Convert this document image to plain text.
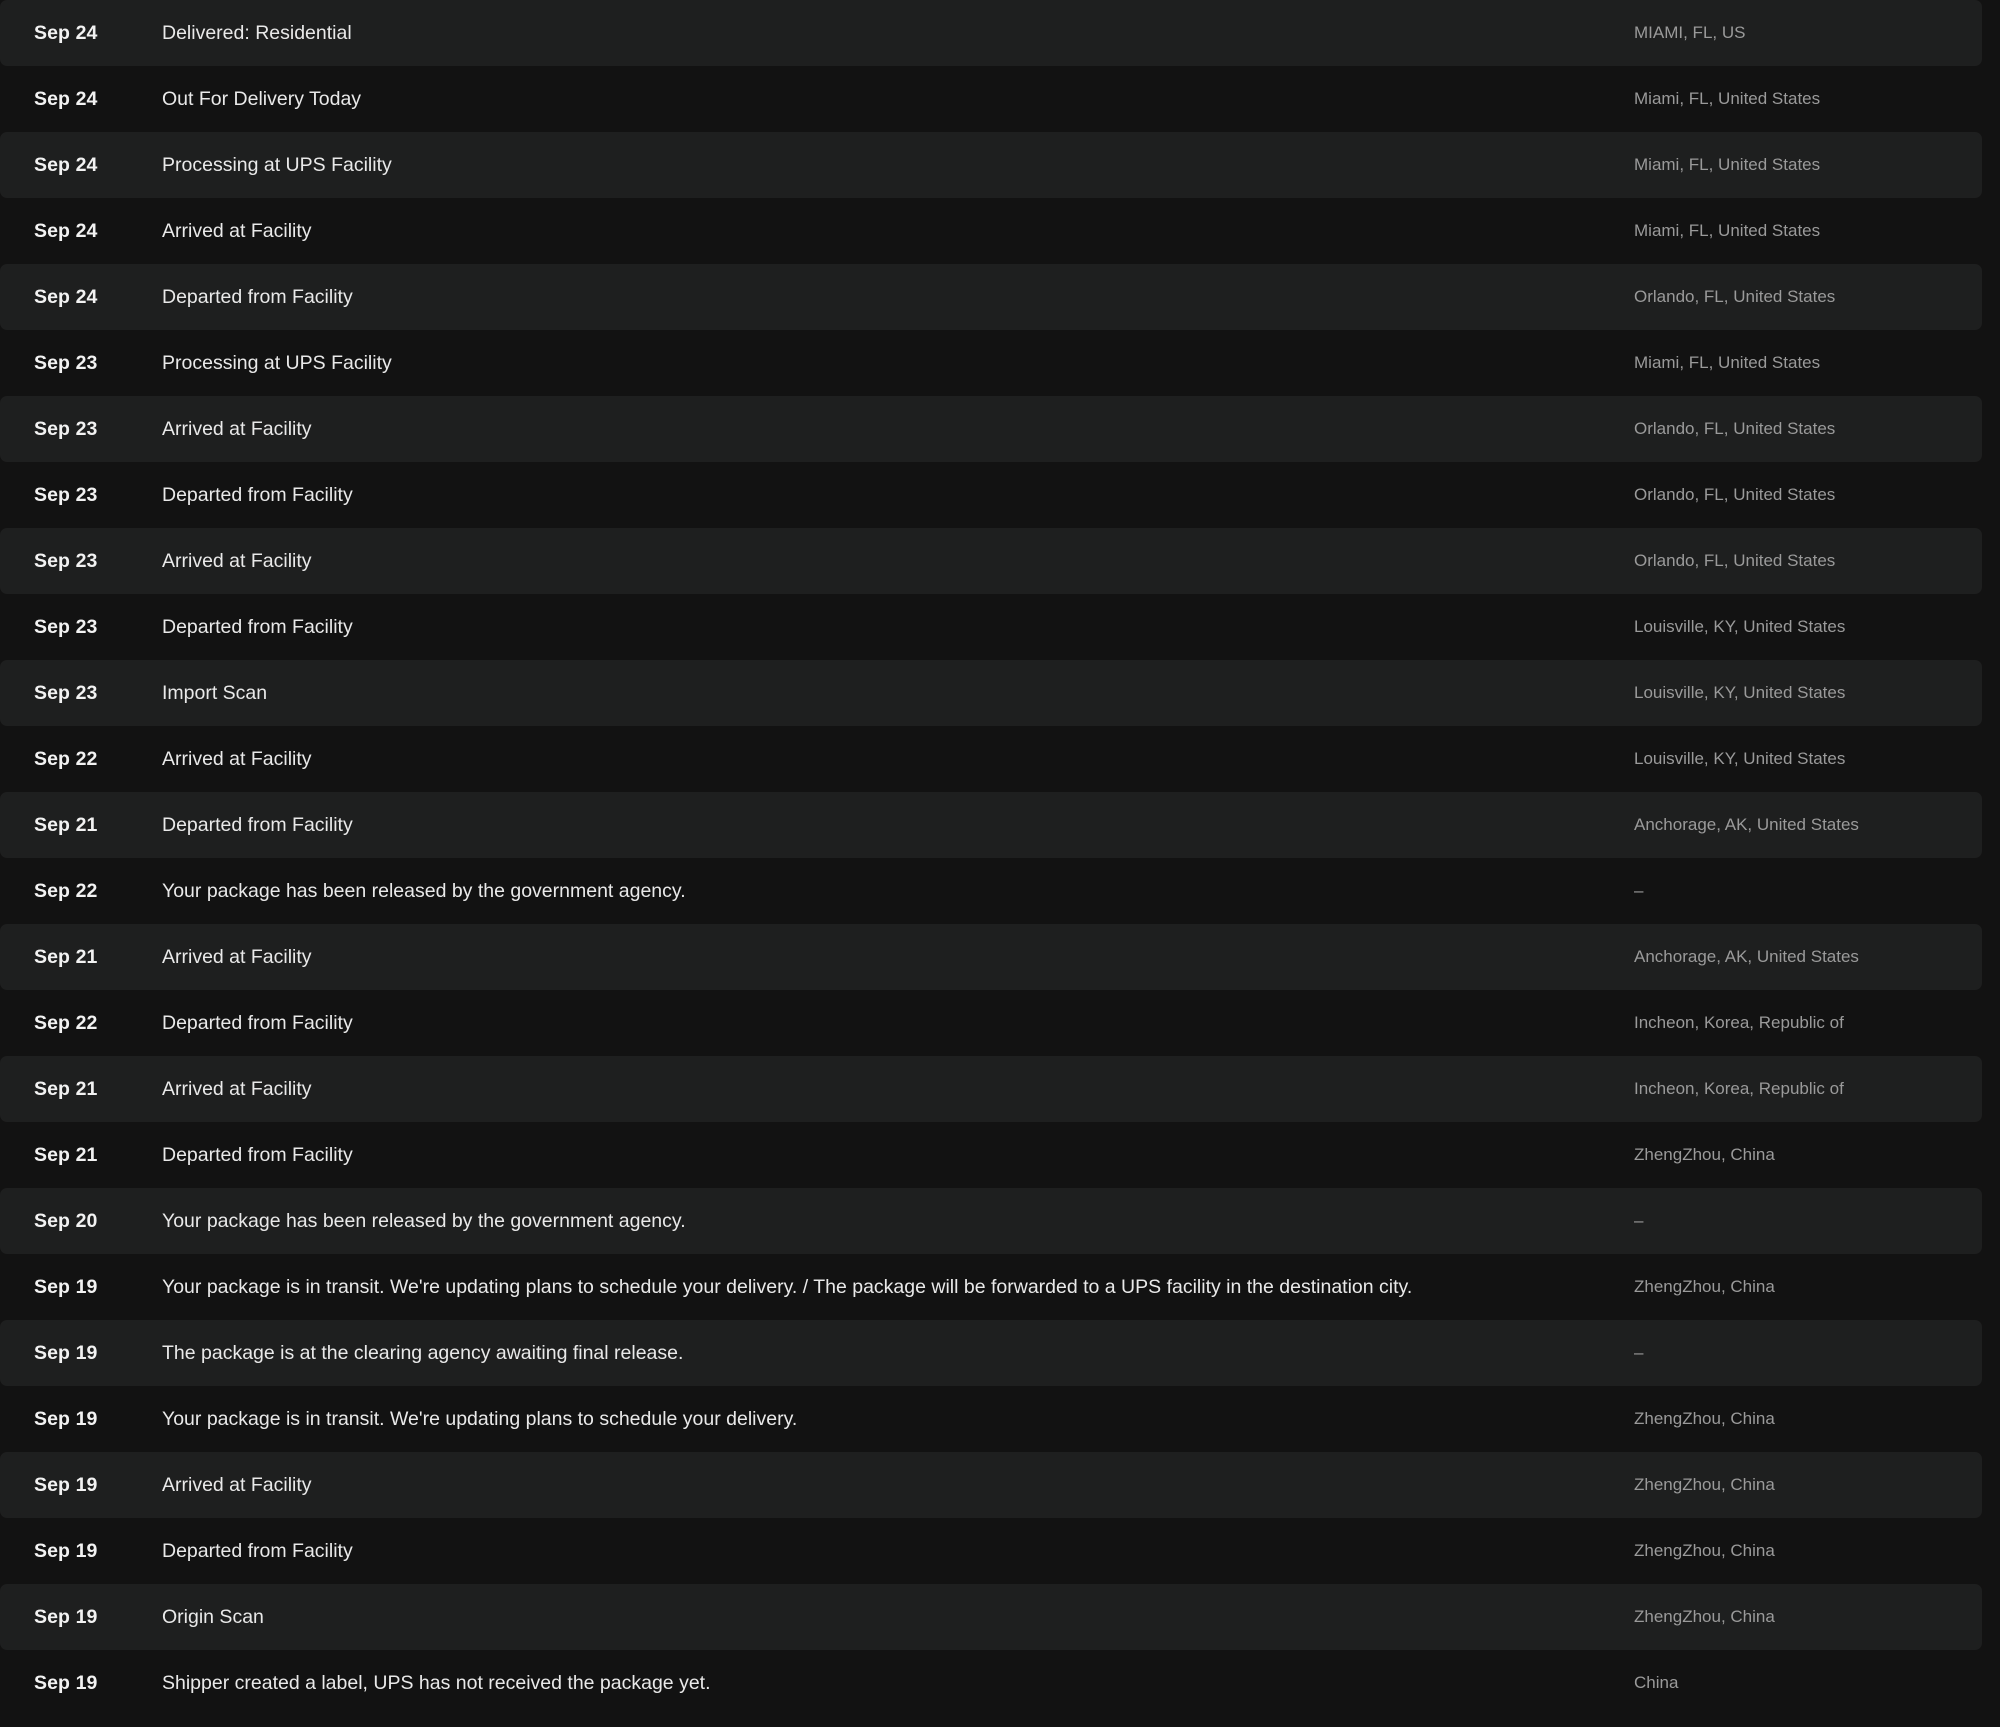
Sep 24	Delivered: Residential	MIAMI, FL, US
Sep 24	Out For Delivery Today	Miami, FL, United States
Sep 24	Processing at UPS Facility	Miami, FL, United States
Sep 24	Arrived at Facility	Miami, FL, United States
Sep 24	Departed from Facility	Orlando, FL, United States
Sep 23	Processing at UPS Facility	Miami, FL, United States
Sep 23	Arrived at Facility	Orlando, FL, United States
Sep 23	Departed from Facility	Orlando, FL, United States
Sep 23	Arrived at Facility	Orlando, FL, United States
Sep 23	Departed from Facility	Louisville, KY, United States
Sep 23	Import Scan	Louisville, KY, United States
Sep 22	Arrived at Facility	Louisville, KY, United States
Sep 21	Departed from Facility	Anchorage, AK, United States
Sep 22	Your package has been released by the government agency.	–
Sep 21	Arrived at Facility	Anchorage, AK, United States
Sep 22	Departed from Facility	Incheon, Korea, Republic of
Sep 21	Arrived at Facility	Incheon, Korea, Republic of
Sep 21	Departed from Facility	ZhengZhou, China
Sep 20	Your package has been released by the government agency.	–
Sep 19	Your package is in transit. We're updating plans to schedule your delivery. / The package will be forwarded to a UPS facility in the destination city.	ZhengZhou, China
Sep 19	The package is at the clearing agency awaiting final release.	–
Sep 19	Your package is in transit. We're updating plans to schedule your delivery.	ZhengZhou, China
Sep 19	Arrived at Facility	ZhengZhou, China
Sep 19	Departed from Facility	ZhengZhou, China
Sep 19	Origin Scan	ZhengZhou, China
Sep 19	Shipper created a label, UPS has not received the package yet.	China
